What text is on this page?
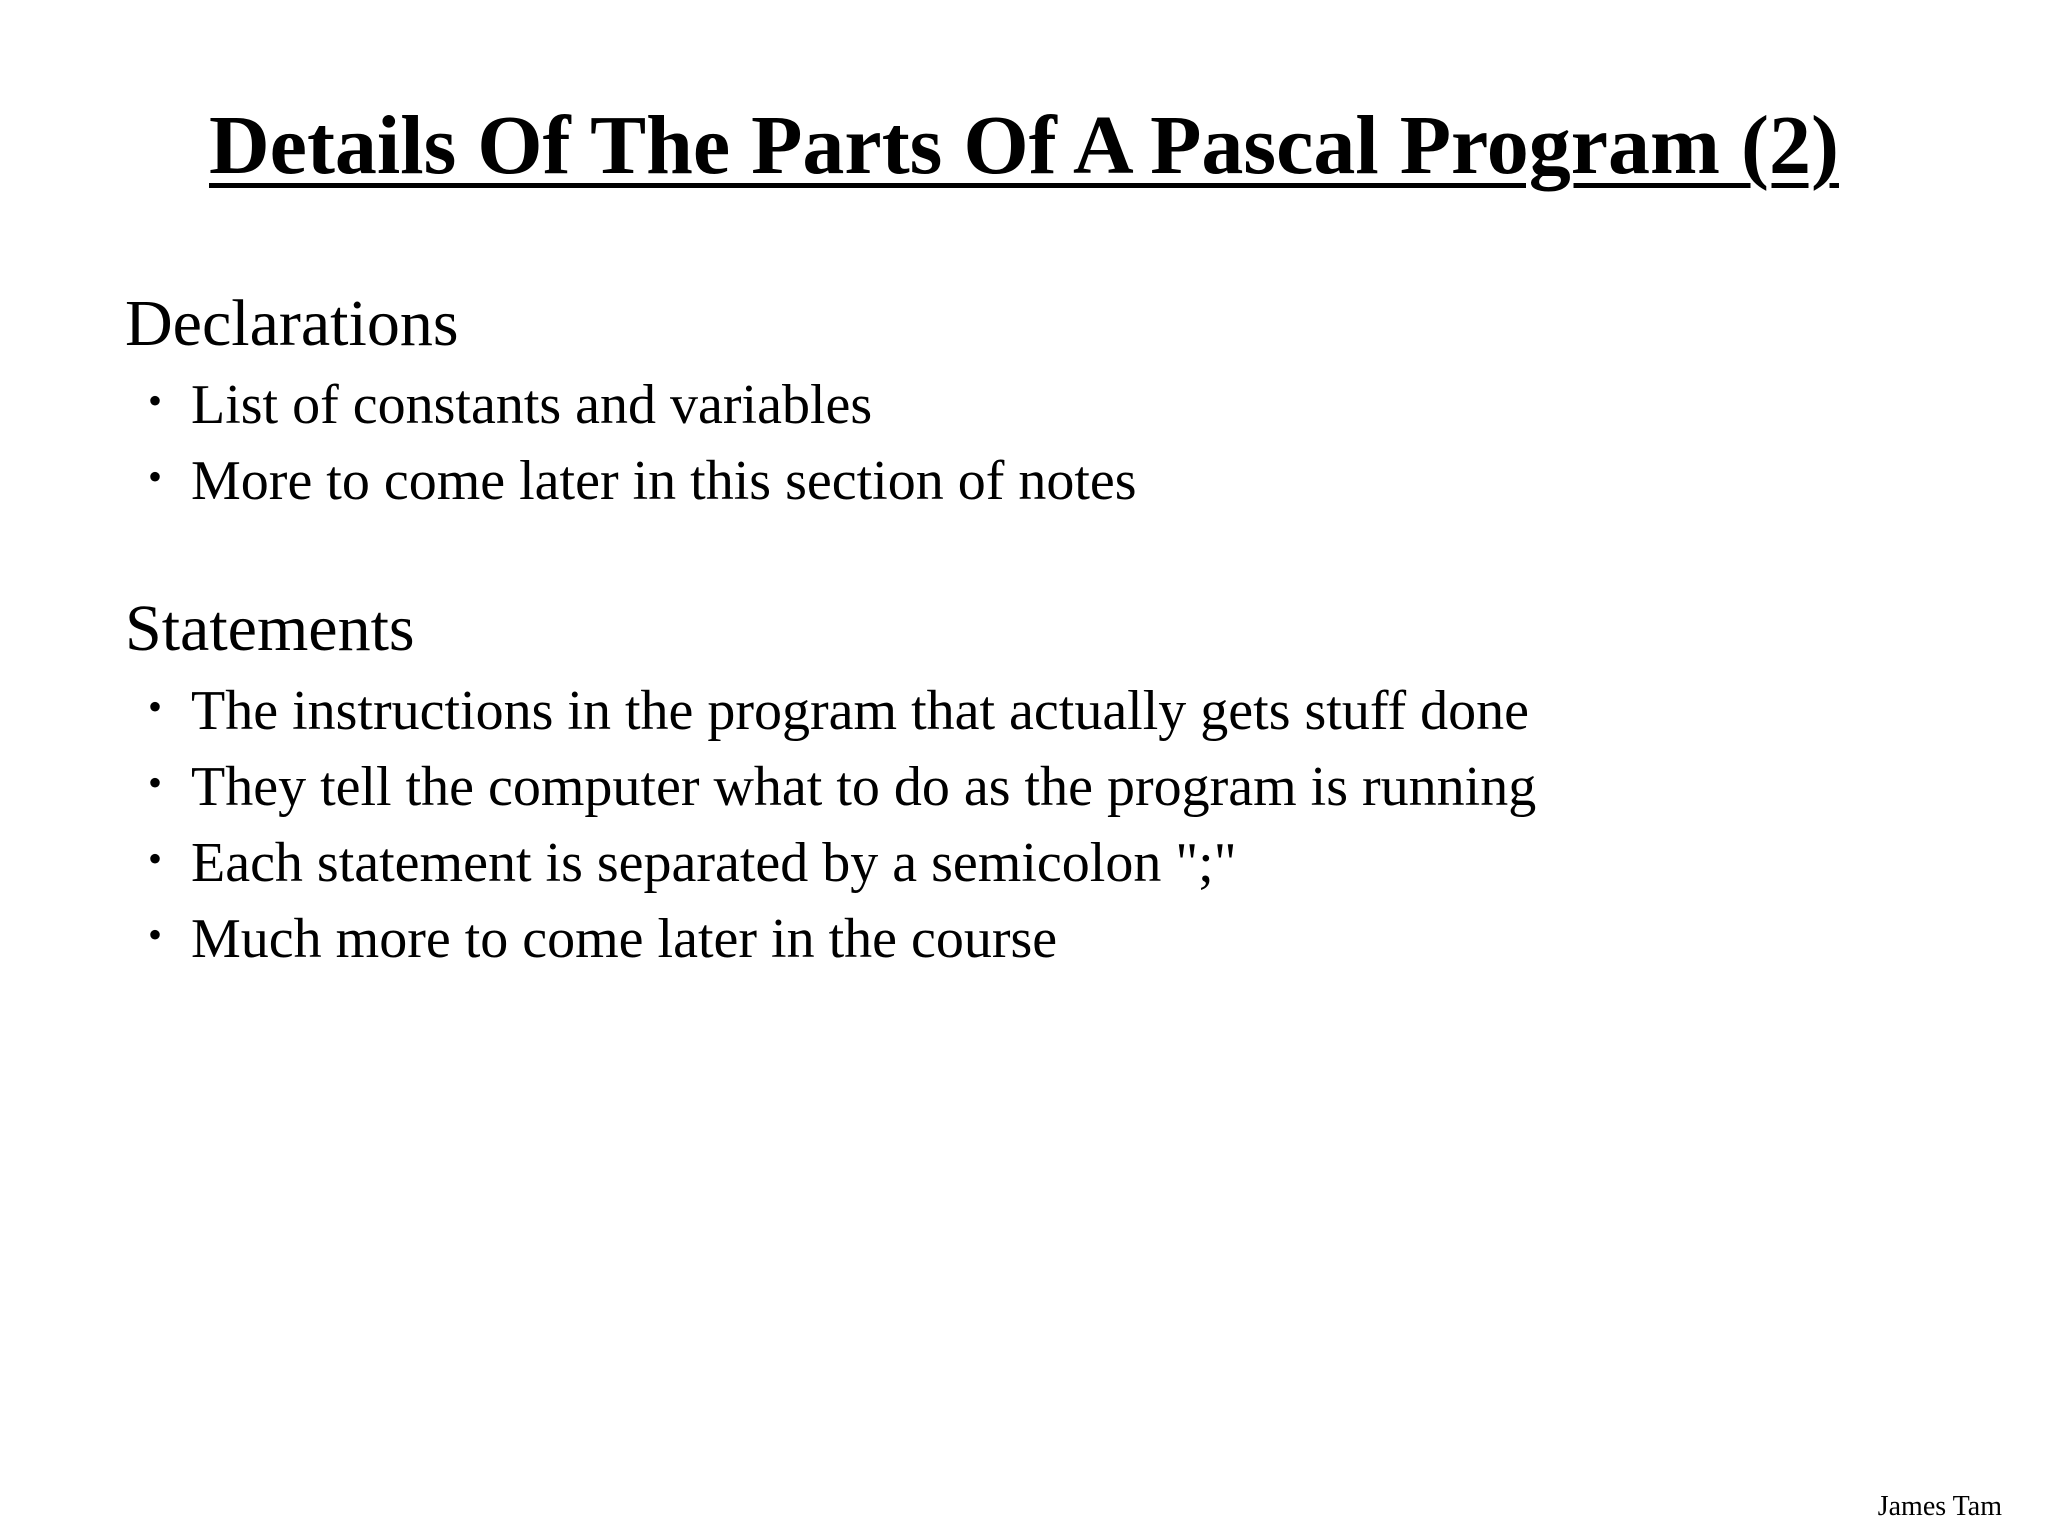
Details Of The Parts Of A Pascal Program (2)
Declarations
• List of constants and variables
• More to come later in this section of notes
Statements
• The instructions in the program that actually gets stuff done
• They tell the computer what to do as the program is running
• Each statement is separated by a semicolon ";"
• Much more to come later in the course
James Tam
